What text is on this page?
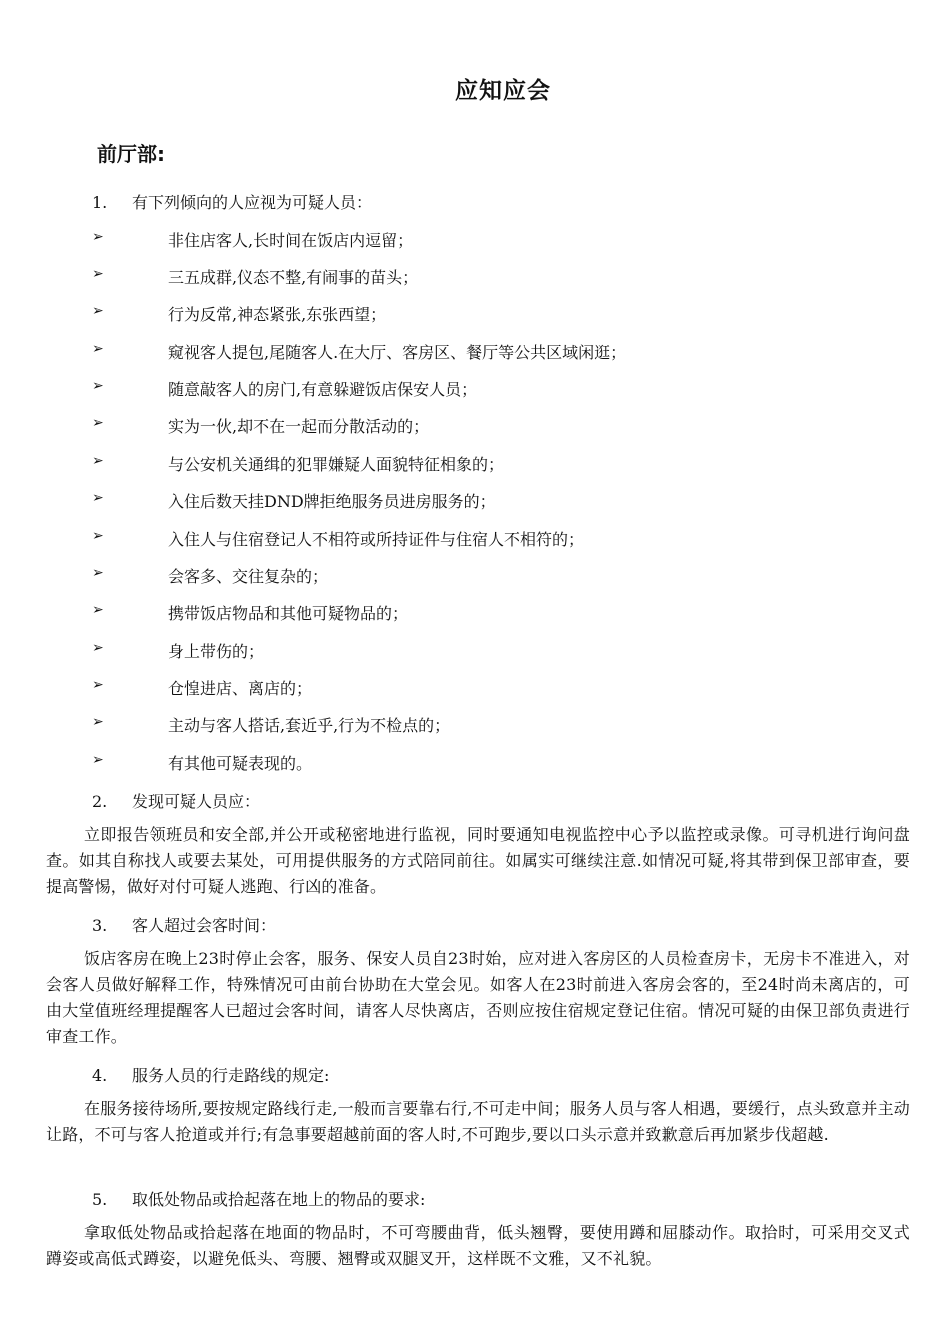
应知应会
前厅部:
1. 有下列倾向的人应视为可疑人员：
➢	非住店客人,长时间在饭店内逗留；
➢	三五成群,仪态不整,有闹事的苗头；
➢	行为反常,神态紧张,东张西望；
➢	窥视客人提包,尾随客人.在大厅、客房区、餐厅等公共区域闲逛；
➢	随意敲客人的房门,有意躲避饭店保安人员；
➢	实为一伙,却不在一起而分散活动的；
➢	与公安机关通缉的犯罪嫌疑人面貌特征相象的；
➢	入住后数天挂DND牌拒绝服务员进房服务的；
➢	入住人与住宿登记人不相符或所持证件与住宿人不相符的；
➢	会客多、交往复杂的；
➢	携带饭店物品和其他可疑物品的；
➢	身上带伤的；
➢	仓惶进店、离店的；
➢	主动与客人搭话,套近乎,行为不检点的；
➢	有其他可疑表现的。
2. 发现可疑人员应：
立即报告领班员和安全部,并公开或秘密地进行监视，同时要通知电视监控中心予以监控或录像。可寻机进行询问盘查。如其自称找人或要去某处，可用提供服务的方式陪同前往。如属实可继续注意.如情况可疑,将其带到保卫部审查，要提高警惕，做好对付可疑人逃跑、行凶的准备。
3. 客人超过会客时间：
饭店客房在晚上23时停止会客，服务、保安人员自23时始，应对进入客房区的人员检查房卡，无房卡不准进入，对会客人员做好解释工作，特殊情况可由前台协助在大堂会见。如客人在23时前进入客房会客的，至24时尚未离店的，可由大堂值班经理提醒客人已超过会客时间，请客人尽快离店，否则应按住宿规定登记住宿。情况可疑的由保卫部负责进行审查工作。
4. 服务人员的行走路线的规定:
在服务接待场所,要按规定路线行走,一般而言要靠右行,不可走中间；服务人员与客人相遇，要缓行，点头致意并主动让路，不可与客人抢道或并行;有急事要超越前面的客人时,不可跑步,要以口头示意并致歉意后再加紧步伐超越.
5. 取低处物品或拾起落在地上的物品的要求:
拿取低处物品或拾起落在地面的物品时，不可弯腰曲背，低头翘臀，要使用蹲和屈膝动作。取拾时，可采用交叉式蹲姿或高低式蹲姿，以避免低头、弯腰、翘臀或双腿叉开，这样既不文雅，又不礼貌。
